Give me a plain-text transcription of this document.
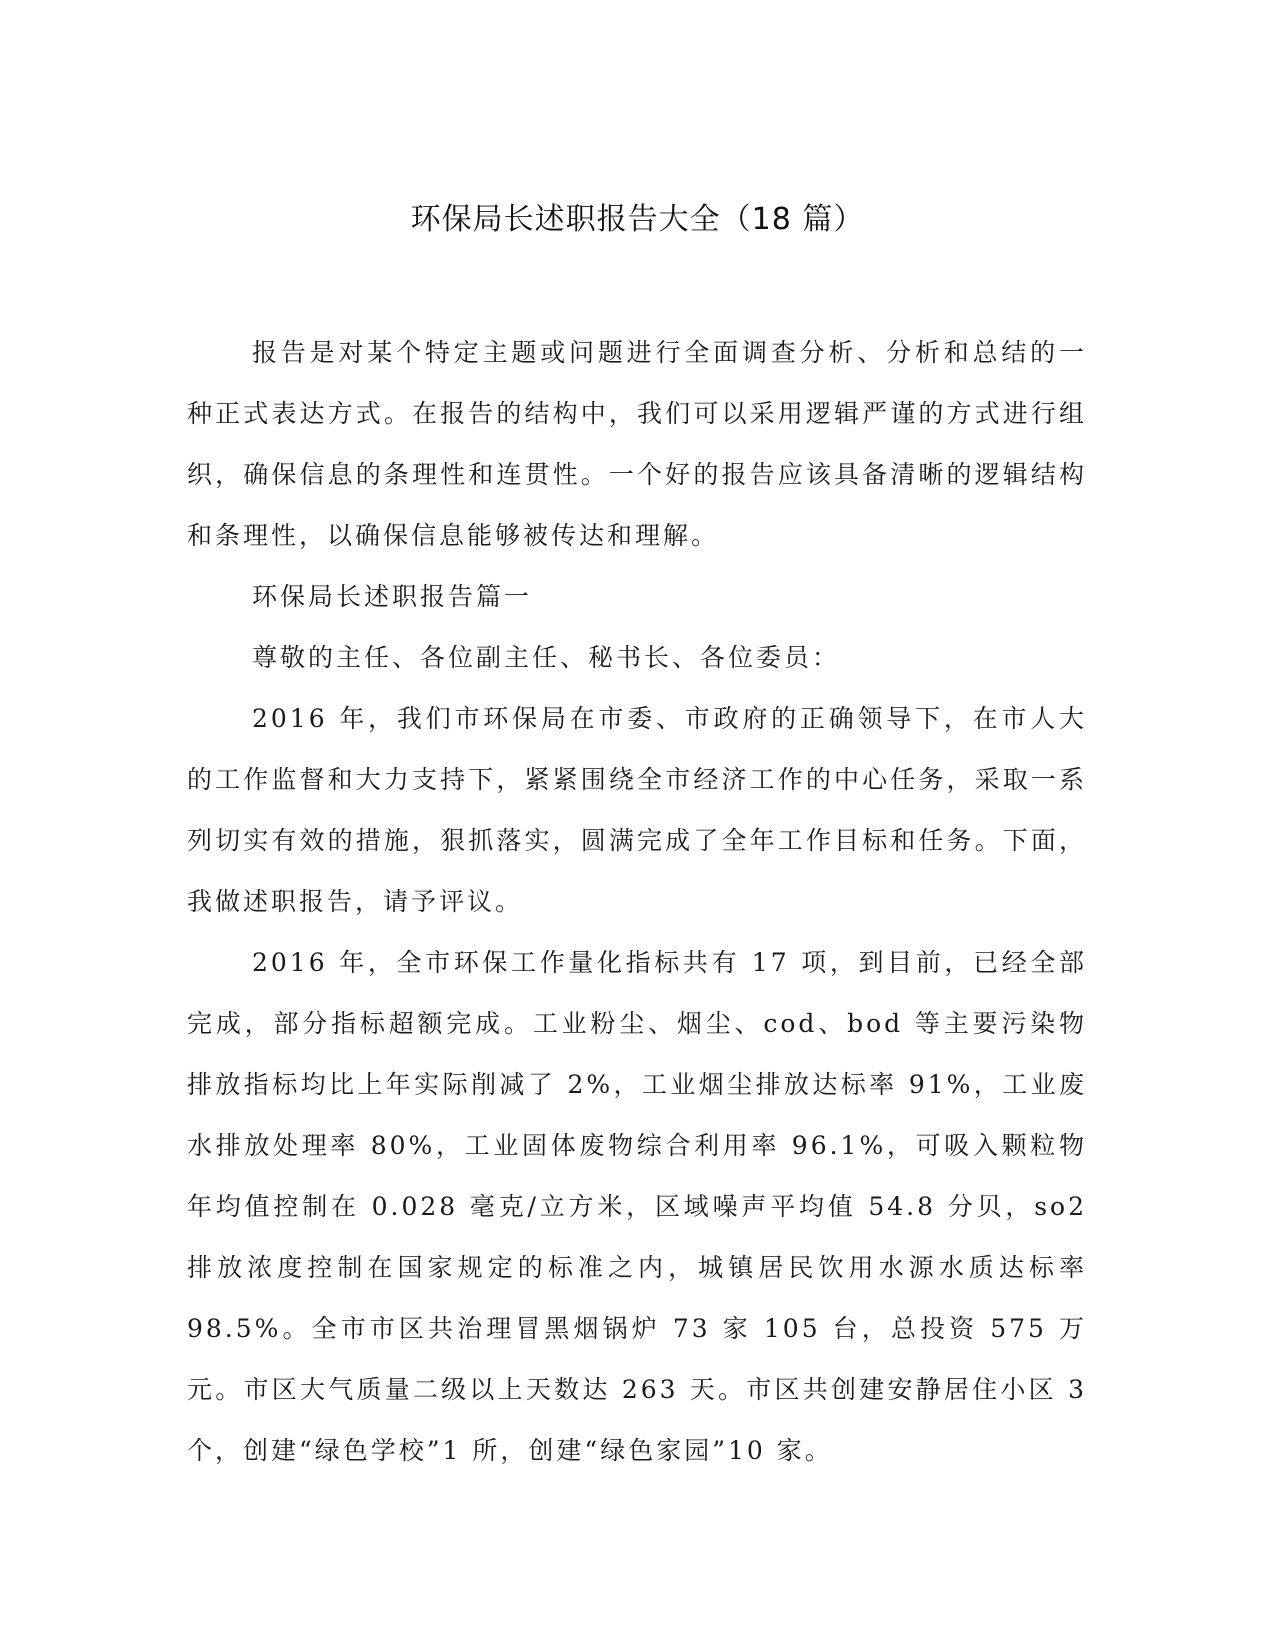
环保局长述职报告大全（18 篇）

报告是对某个特定主题或问题进行全面调查分析、分析和总结的一种正式表达方式。在报告的结构中，我们可以采用逻辑严谨的方式进行组织，确保信息的条理性和连贯性。一个好的报告应该具备清晰的逻辑结构和条理性，以确保信息能够被传达和理解。

环保局长述职报告篇一

尊敬的主任、各位副主任、秘书长、各位委员：

2016 年，我们市环保局在市委、市政府的正确领导下，在市人大的工作监督和大力支持下，紧紧围绕全市经济工作的中心任务，采取一系列切实有效的措施，狠抓落实，圆满完成了全年工作目标和任务。下面，我做述职报告，请予评议。

2016 年，全市环保工作量化指标共有 17 项，到目前，已经全部完成，部分指标超额完成。工业粉尘、烟尘、cod、bod 等主要污染物排放指标均比上年实际削减了 2%，工业烟尘排放达标率 91%，工业废水排放处理率 80%，工业固体废物综合利用率 96.1%，可吸入颗粒物年均值控制在 0.028 毫克/立方米，区域噪声平均值 54.8 分贝，so2 排放浓度控制在国家规定的标准之内，城镇居民饮用水源水质达标率 98.5%。全市市区共治理冒黑烟锅炉 73 家 105 台，总投资 575 万元。市区大气质量二级以上天数达 263 天。市区共创建安静居住小区 3 个，创建“绿色学校”1 所，创建“绿色家园”10 家。
